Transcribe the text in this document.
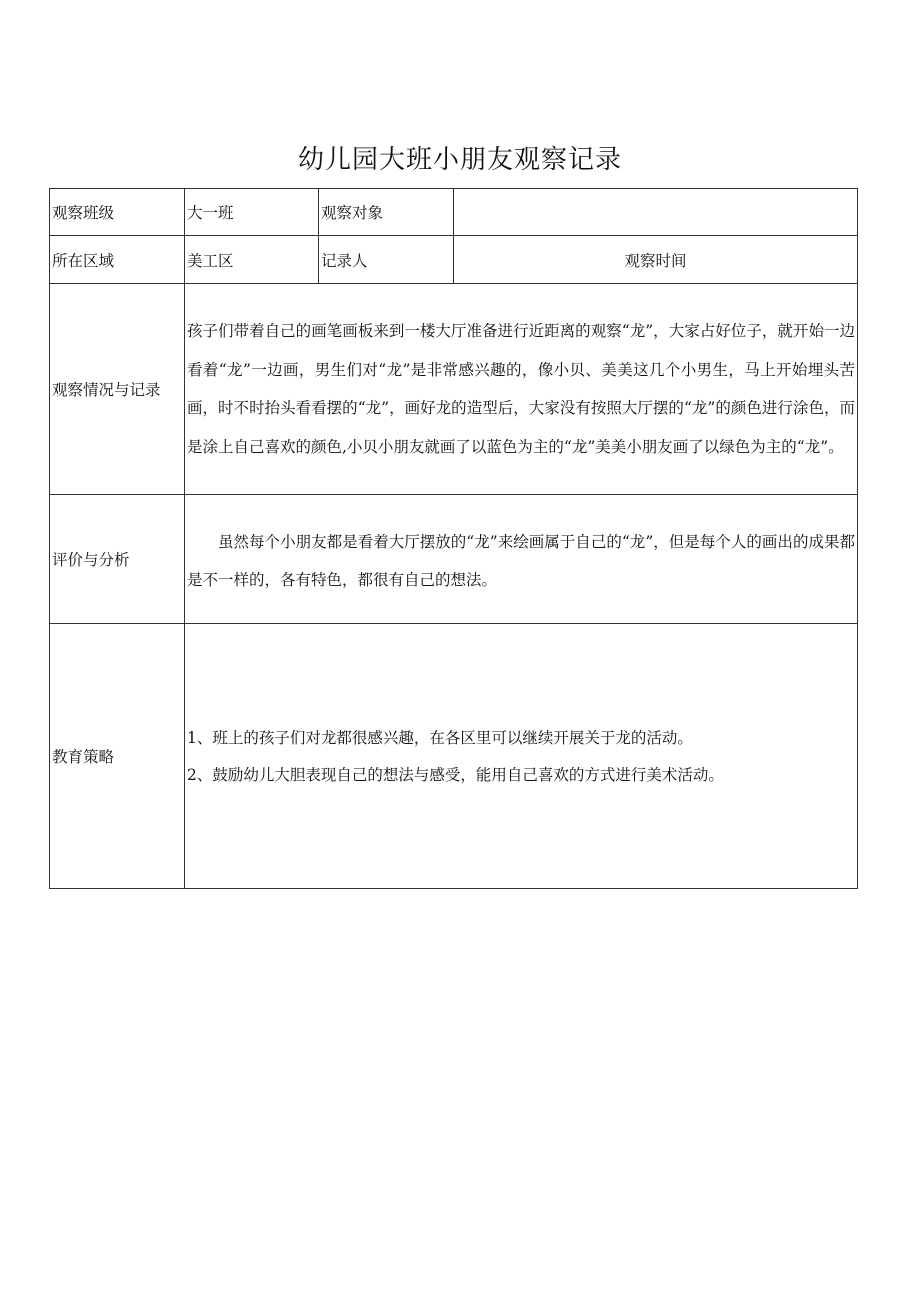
幼儿园大班小朋友观察记录
观察班级	大一班	观察对象	
所在区域	美工区	记录人	观察时间
观察情况与记录	孩子们带着自己的画笔画板来到一楼大厅准备进行近距离的观察“龙”，大家占好位子，就开始一边看着“龙”一边画，男生们对“龙”是非常感兴趣的，像小贝、美美这几个小男生，马上开始埋头苦画，时不时抬头看看摆的“龙”，画好龙的造型后，大家没有按照大厅摆的“龙”的颜色进行涂色，而是涂上自己喜欢的颜色,小贝小朋友就画了以蓝色为主的“龙”美美小朋友画了以绿色为主的“龙”。		

评价与分析	虽然每个小朋友都是看着大厅摆放的“龙”来绘画属于自己的“龙”，但是每个人的画出的成果都是不一样的，各有特色，都很有自己的想法。		

教育策略	1、班上的孩子们对龙都很感兴趣，在各区里可以继续开展关于龙的活动。
2、鼓励幼儿大胆表现自己的想法与感受，能用自己喜欢的方式进行美术活动。		
